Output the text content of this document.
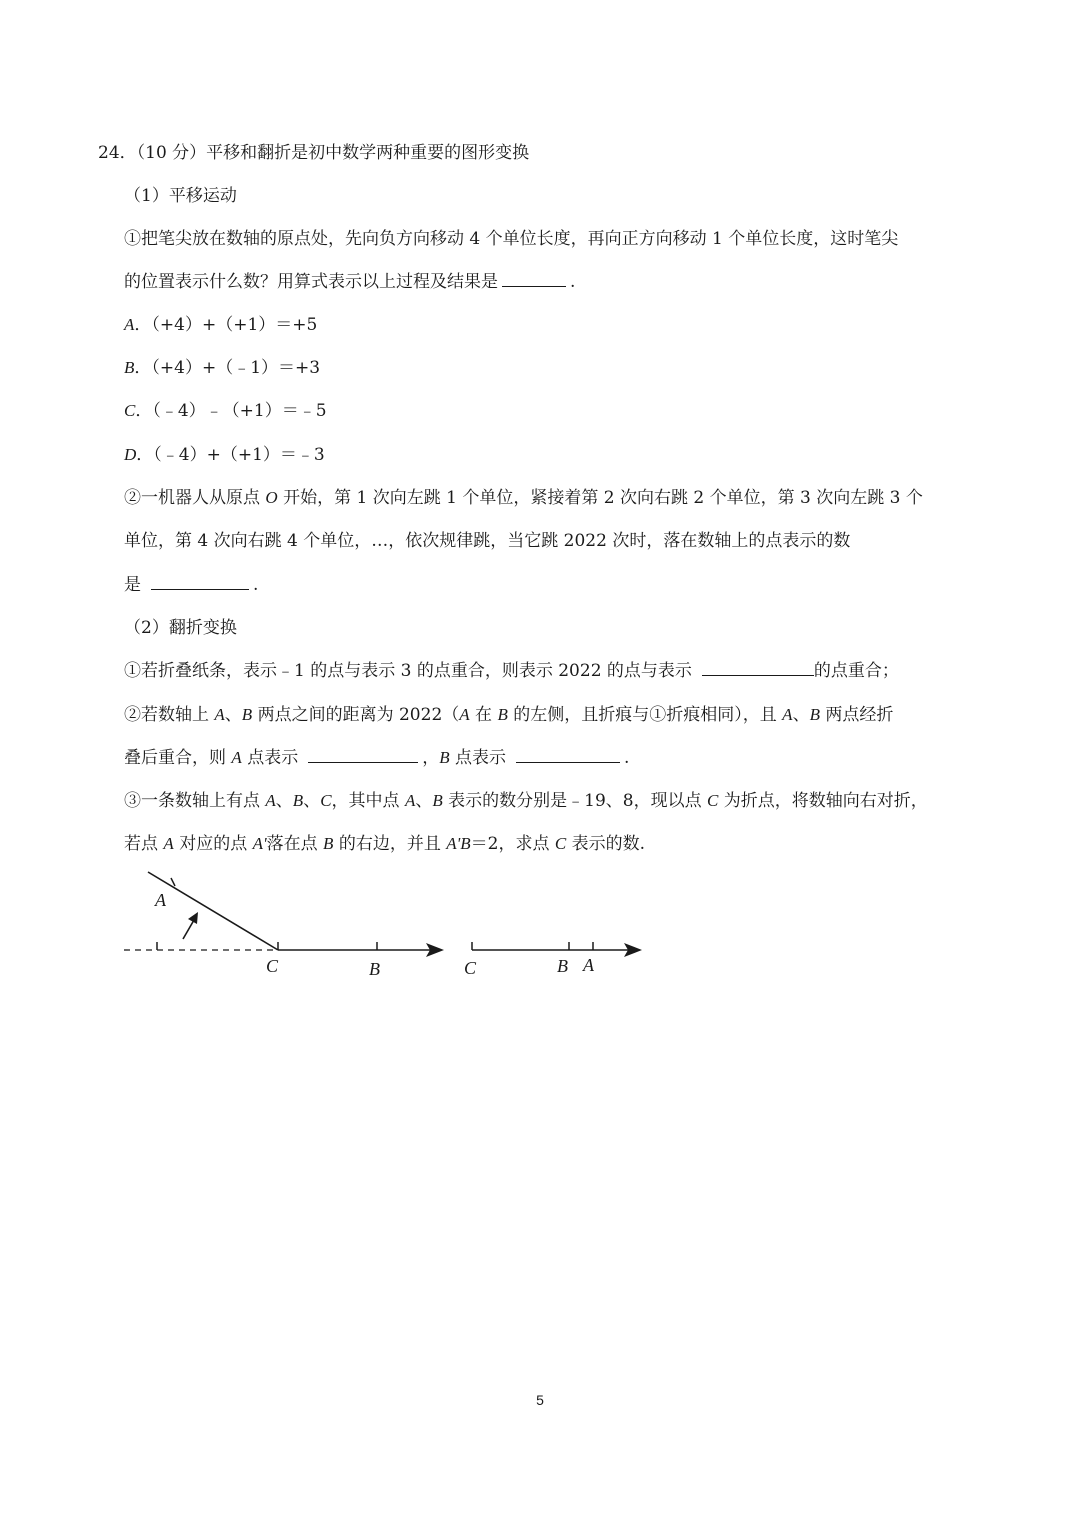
24．（10 分）平移和翻折是初中数学两种重要的图形变换
（1）平移运动
①把笔尖放在数轴的原点处，先向负方向移动 4 个单位长度，再向正方向移动 1 个单位长度，这时笔尖
的位置表示什么数？用算式表示以上过程及结果是	.
A．（+4）+（+1）＝+5
B．（+4）+（﹣1）＝+3
C．（﹣4）﹣（+1）＝﹣5
D．（﹣4）+（+1）＝﹣3
②一机器人从原点 O 开始，第 1 次向左跳 1 个单位，紧接着第 2 次向右跳 2 个单位，第 3 次向左跳 3 个
单位，第 4 次向右跳 4 个单位，…，依次规律跳，当它跳 2022 次时，落在数轴上的点表示的数
是	.
（2）翻折变换
①若折叠纸条，表示﹣1 的点与表示 3 的点重合，则表示 2022 的点与表示	的点重合；
②若数轴上 A、B 两点之间的距离为 2022（A 在 B 的左侧，且折痕与①折痕相同），且 A、B 两点经折
叠后重合，则 A 点表示	，B 点表示	.
③一条数轴上有点 A、B、C，其中点 A、B 表示的数分别是﹣19、8，现以点 C 为折点，将数轴向右对折，
若点 A 对应的点 A'落在点 B 的右边，并且 A'B＝2，求点 C 表示的数.
A
C	B	C	B A
5
